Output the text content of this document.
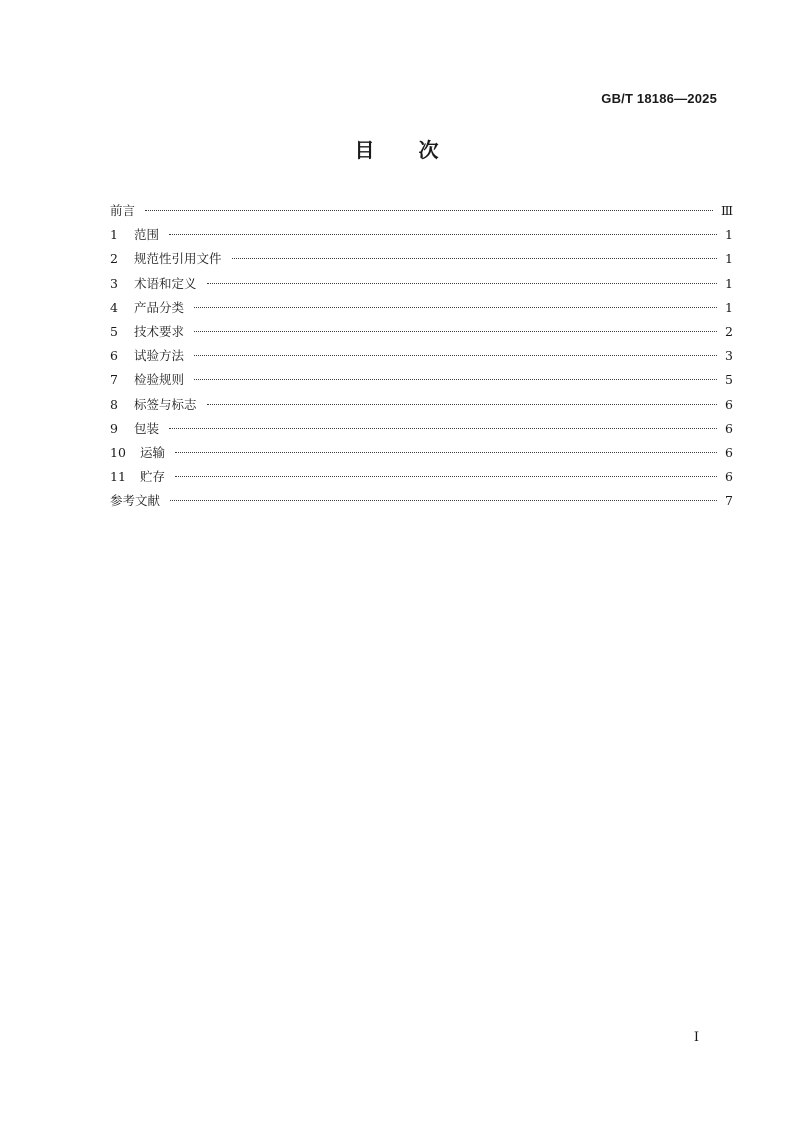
GB/T 18186—2025

目 次
前言	Ⅲ
1	范围	1
2	规范性引用文件	1
3	术语和定义	1
4	产品分类	1
5	技术要求	2
6	试验方法	3
7	检验规则	5
8	标签与标志	6
9	包装	6
10	运输	6
11	贮存	6
参考文献	7

I
